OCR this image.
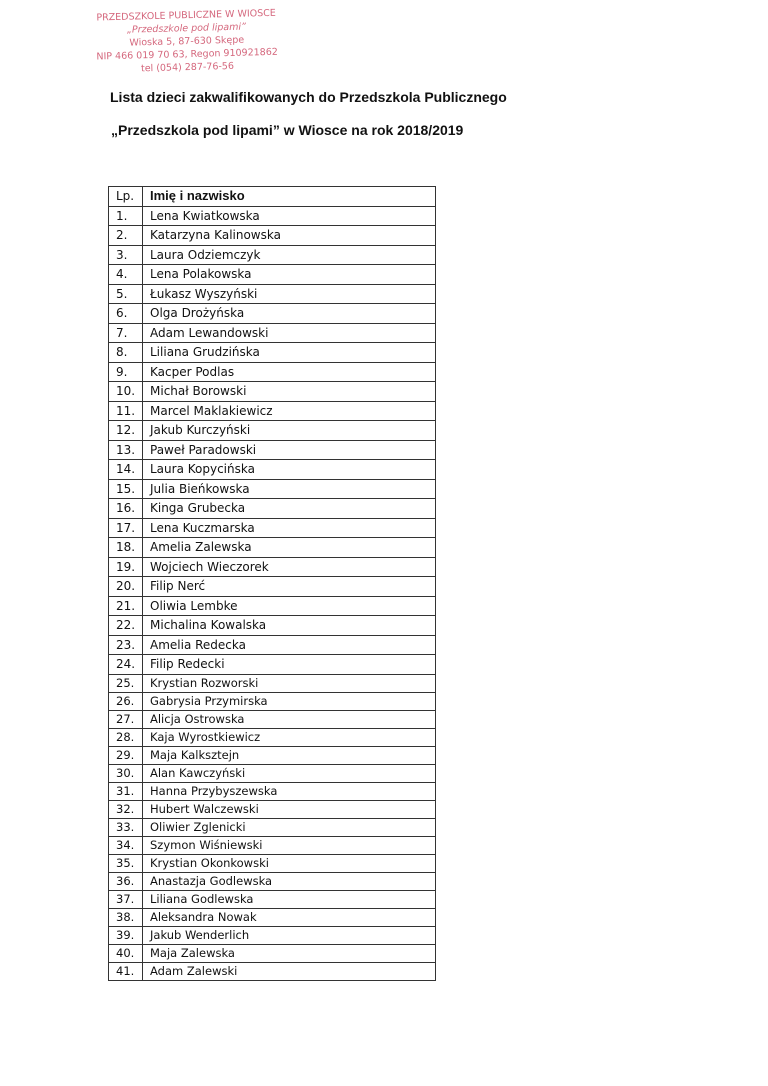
PRZEDSZKOLE PUBLICZNE W WIOSCE
„Przedszkole pod lipami”
Wioska 5, 87-630 Skępe
NIP 466 019 70 63, Regon 910921862
tel (054) 287-76-56
Lista dzieci zakwalifikowanych do Przedszkola Publicznego
„Przedszkola pod lipami” w Wiosce na rok 2018/2019
Lp.	Imię i nazwisko
1.	Lena Kwiatkowska
2.	Katarzyna Kalinowska
3.	Laura Odziemczyk
4.	Lena Polakowska
5.	Łukasz Wyszyński
6.	Olga Drożyńska
7.	Adam Lewandowski
8.	Liliana Grudzińska
9.	Kacper Podlas
10.	Michał Borowski
11.	Marcel Maklakiewicz
12.	Jakub Kurczyński
13.	Paweł Paradowski
14.	Laura Kopycińska
15.	Julia Bieńkowska
16.	Kinga Grubecka
17.	Lena Kuczmarska
18.	Amelia Zalewska
19.	Wojciech Wieczorek
20.	Filip Nerć
21.	Oliwia Lembke
22.	Michalina Kowalska
23.	Amelia Redecka
24.	Filip Redecki
25.	Krystian Rozworski
26.	Gabrysia Przymirska
27.	Alicja Ostrowska
28.	Kaja Wyrostkiewicz
29.	Maja Kalksztejn
30.	Alan Kawczyński
31.	Hanna Przybyszewska
32.	Hubert Walczewski
33.	Oliwier Zglenicki
34.	Szymon Wiśniewski
35.	Krystian Okonkowski
36.	Anastazja Godlewska
37.	Liliana Godlewska
38.	Aleksandra Nowak
39.	Jakub Wenderlich
40.	Maja Zalewska
41.	Adam Zalewski
